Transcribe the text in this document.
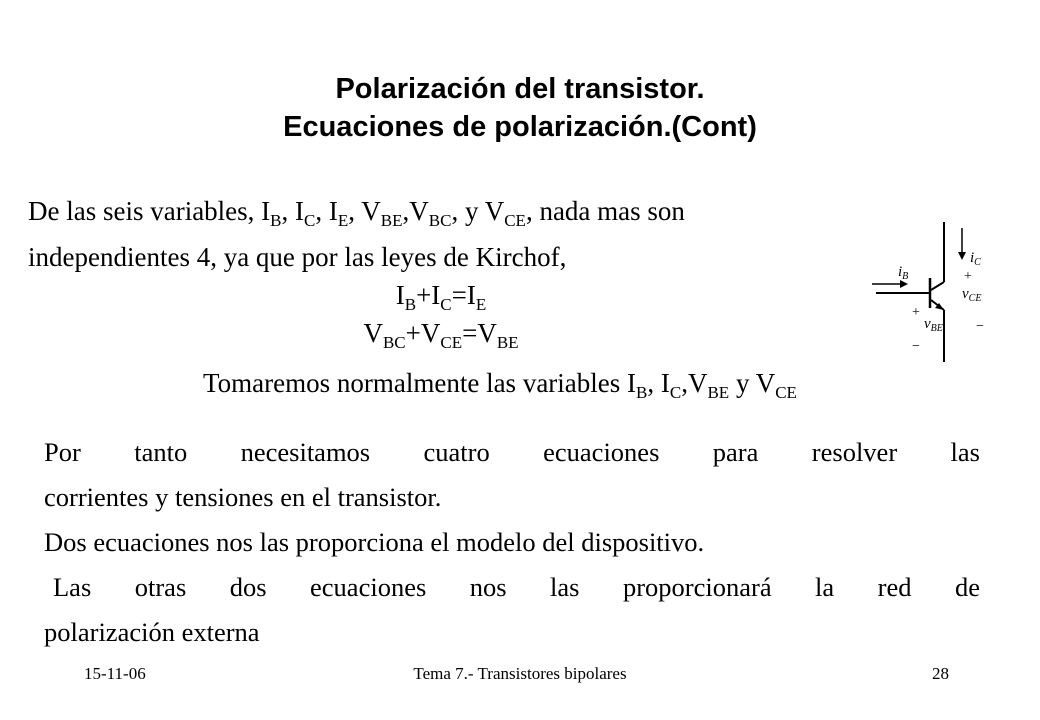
Polarización del transistor.
Ecuaciones de polarización.(Cont)
De las seis variables, $I_B$, $I_C$, $I_E$, $V_{BE},V_{BC}$, y $V_{CE}$, nada mas son
independientes 4, ya que por las leyes de Kirchof,	$i_B$
$i_C$
$v_{CE}$
$v_{BE}$
+
+
−
−
$I_B+I_C=I_E$
$V_{BC}+V_{CE}=V_{BE}$
Tomaremos normalmente las variables $I_B$, $I_C,V_{BE}$ y $V_{CE}$
Por tanto necesitamos cuatro ecuaciones para resolver las
corrientes y tensiones en el transistor.
Dos ecuaciones nos las proporciona el modelo del dispositivo.
Las otras dos ecuaciones nos las proporcionará la red de
polarización externa
15-11-06	Tema 7.- Transistores bipolares	28
